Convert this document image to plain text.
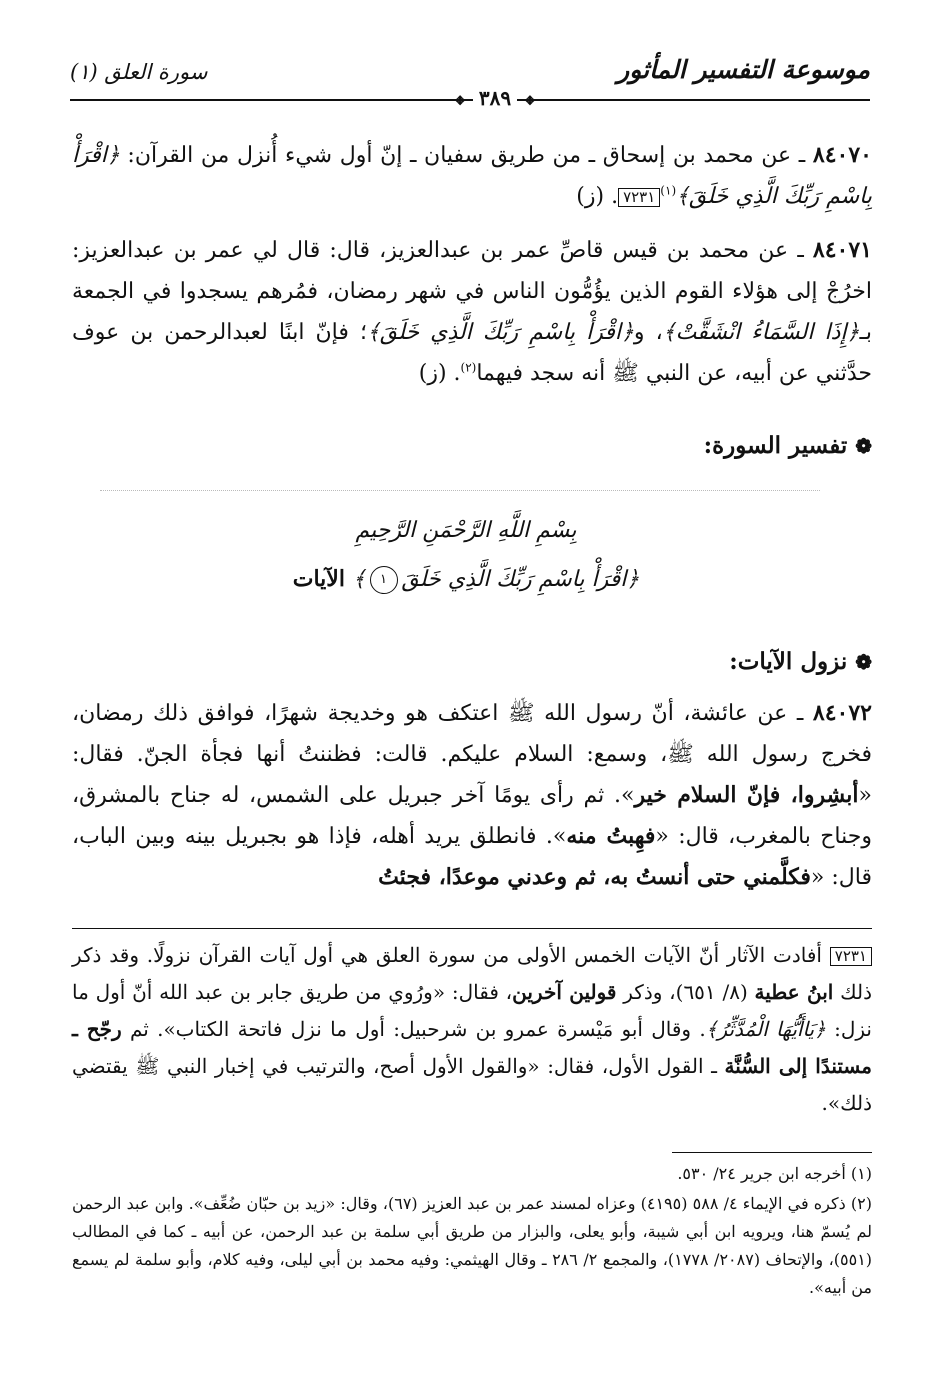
موسوعة التفسير المأثور
سورة العلق (١)
❖ ٣٨٩ ❖
٨٤٠٧٠ ـ عن محمد بن إسحاق ـ من طريق سفيان ـ إنّ أول شيء أُنزل من القرآن: ﴿اقْرَأْ بِاسْمِ رَبِّكَ الَّذِي خَلَقَ﴾$^{(١)}$٧٢٣١. (ز)
٨٤٠٧١ ـ عن محمد بن قيس قاصِّ عمر بن عبدالعزيز، قال: قال لي عمر بن عبدالعزيز: اخرُجْ إلى هؤلاء القوم الذين يؤُمُّون الناس في شهر رمضان، فمُرهم يسجدوا في الجمعة بـ﴿إِذَا السَّمَاءُ انْشَقَّتْ﴾، و﴿اقْرَأْ بِاسْمِ رَبِّكَ الَّذِي خَلَقَ﴾؛ فإنّ ابنًا لعبدالرحمن بن عوف حدَّثني عن أبيه، عن النبي ﷺ أنه سجد فيهما$^{(٢)}$. (ز)
❁تفسير السورة:
بِسْمِ اللَّهِ الرَّحْمَنِ الرَّحِيمِ
﴿اقْرَأْ بِاسْمِ رَبِّكَ الَّذِي خَلَقَ١﴾ الآيات
❁نزول الآيات:
٨٤٠٧٢ ـ عن عائشة، أنّ رسول الله ﷺ اعتكف هو وخديجة شهرًا، فوافق ذلك رمضان، فخرج رسول الله ﷺ، وسمع: السلام عليكم. قالت: فظننتُ أنها فجأة الجنّ. فقال: «أبشِروا، فإنّ السلام خير». ثم رأى يومًا آخر جبريل على الشمس، له جناح بالمشرق، وجناح بالمغرب، قال: «فهِبتُ منه». فانطلق يريد أهله، فإذا هو بجبريل بينه وبين الباب، قال: «فكلَّمني حتى أنستُ به، ثم وعدني موعدًا، فجئتُ
٧٢٣١ أفادت الآثار أنّ الآيات الخمس الأولى من سورة العلق هي أول آيات القرآن نزولًا. وقد ذكر ذلك ابنُ عطية (٨/ ٦٥١)، وذكر قولين آخرين، فقال: «ورُوي من طريق جابر بن عبد الله أنّ أول ما نزل: ﴿يَاأَيُّهَا الْمُدَّثِّرُ﴾. وقال أبو مَيْسرة عمرو بن شرحبيل: أول ما نزل فاتحة الكتاب». ثم رجّح ـ مستندًا إلى السُّنَّة ـ القول الأول، فقال: «والقول الأول أصح، والترتيب في إخبار النبي ﷺ يقتضي ذلك».
(١) أخرجه ابن جرير ٢٤/ ٥٣٠.
(٢) ذكره في الإيماء ٤/ ٥٨٨ (٤١٩٥) وعزاه لمسند عمر بن عبد العزيز (٦٧)، وقال: «زيد بن حبّان ضُعِّف». وابن عبد الرحمن لم يُسمّ هنا، ويرويه ابن أبي شيبة، وأبو يعلى، والبزار من طريق أبي سلمة بن عبد الرحمن، عن أبيه ـ كما في المطالب (٥٥١)، والإتحاف (٢٠٨٧/ ١٧٧٨)، والمجمع ٢/ ٢٨٦ ـ وقال الهيثمي: وفيه محمد بن أبي ليلى، وفيه كلام، وأبو سلمة لم يسمع من أبيه».
